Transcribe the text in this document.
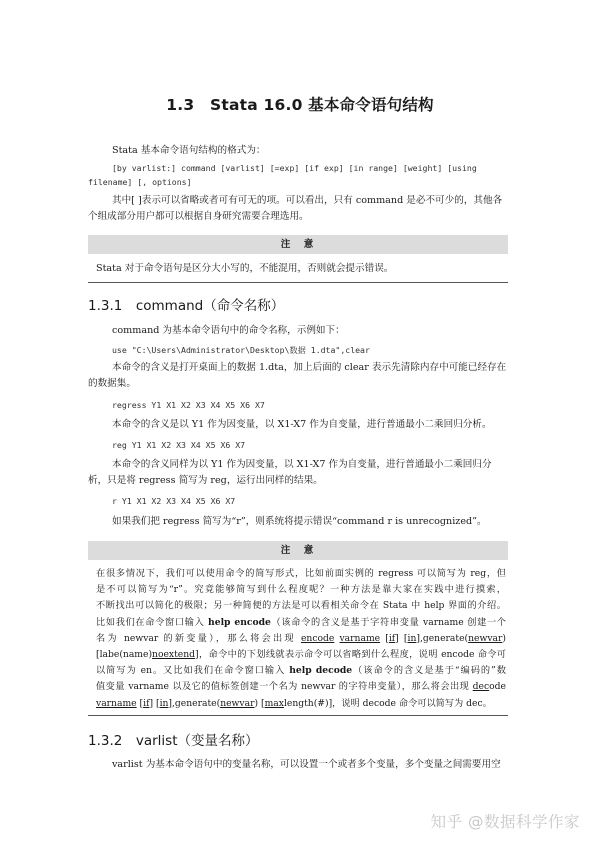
1.3　Stata 16.0 基本命令语句结构
Stata 基本命令语句结构的格式为：
[by varlist:] command [varlist] [=exp] [if exp] [in range] [weight] [using
filename] [, options]
其中[ ]表示可以省略或者可有可无的项。可以看出，只有 command 是必不可少的，其他各
个组成部分用户都可以根据自身研究需要合理选用。
注　意
Stata 对于命令语句是区分大小写的，不能混用，否则就会提示错误。
1.3.1　command（命令名称）
command 为基本命令语句中的命令名称，示例如下：
use "C:\Users\Administrator\Desktop\数据 1.dta",clear
本命令的含义是打开桌面上的数据 1.dta，加上后面的 clear 表示先清除内存中可能已经存在
的数据集。
regress Y1 X1 X2 X3 X4 X5 X6 X7
本命令的含义是以 Y1 作为因变量，以 X1-X7 作为自变量，进行普通最小二乘回归分析。
reg Y1 X1 X2 X3 X4 X5 X6 X7
本命令的含义同样为以 Y1 作为因变量，以 X1-X7 作为自变量，进行普通最小二乘回归分
析，只是将 regress 简写为 reg，运行出同样的结果。
r Y1 X1 X2 X3 X4 X5 X6 X7
如果我们把 regress 简写为“r”，则系统将提示错误“command r is unrecognized”。
注　意

在很多情况下，我们可以使用命令的简写形式，比如前面实例的 regress 可以简写为 reg，但

是不可以简写为“r”。究竟能够简写到什么程度呢？一种方法是靠大家在实践中进行摸索，

不断找出可以简化的极限；另一种简便的方法是可以看相关命令在 Stata 中 help 界面的介绍。

比如我们在命令窗口输入 help encode（该命令的含义是基于字符串变量 varname 创建一个

名为 newvar 的新变量），那么将会出现 encode varname [if] [in],generate(newvar)

[labe(name)noextend]，命令中的下划线就表示命令可以省略到什么程度，说明 encode 命令可

以简写为 en。又比如我们在命令窗口输入 help decode（该命令的含义是基于“编码的”数

值变量 varname 以及它的值标签创建一个名为 newvar 的字符串变量），那么将会出现 decode

varname [if] [in],generate(newvar) [maxlength(#)]，说明 decode 命令可以简写为 dec。

1.3.2　varlist（变量名称）
varlist 为基本命令语句中的变量名称，可以设置一个或者多个变量，多个变量之间需要用空
知乎 @数据科学作家
